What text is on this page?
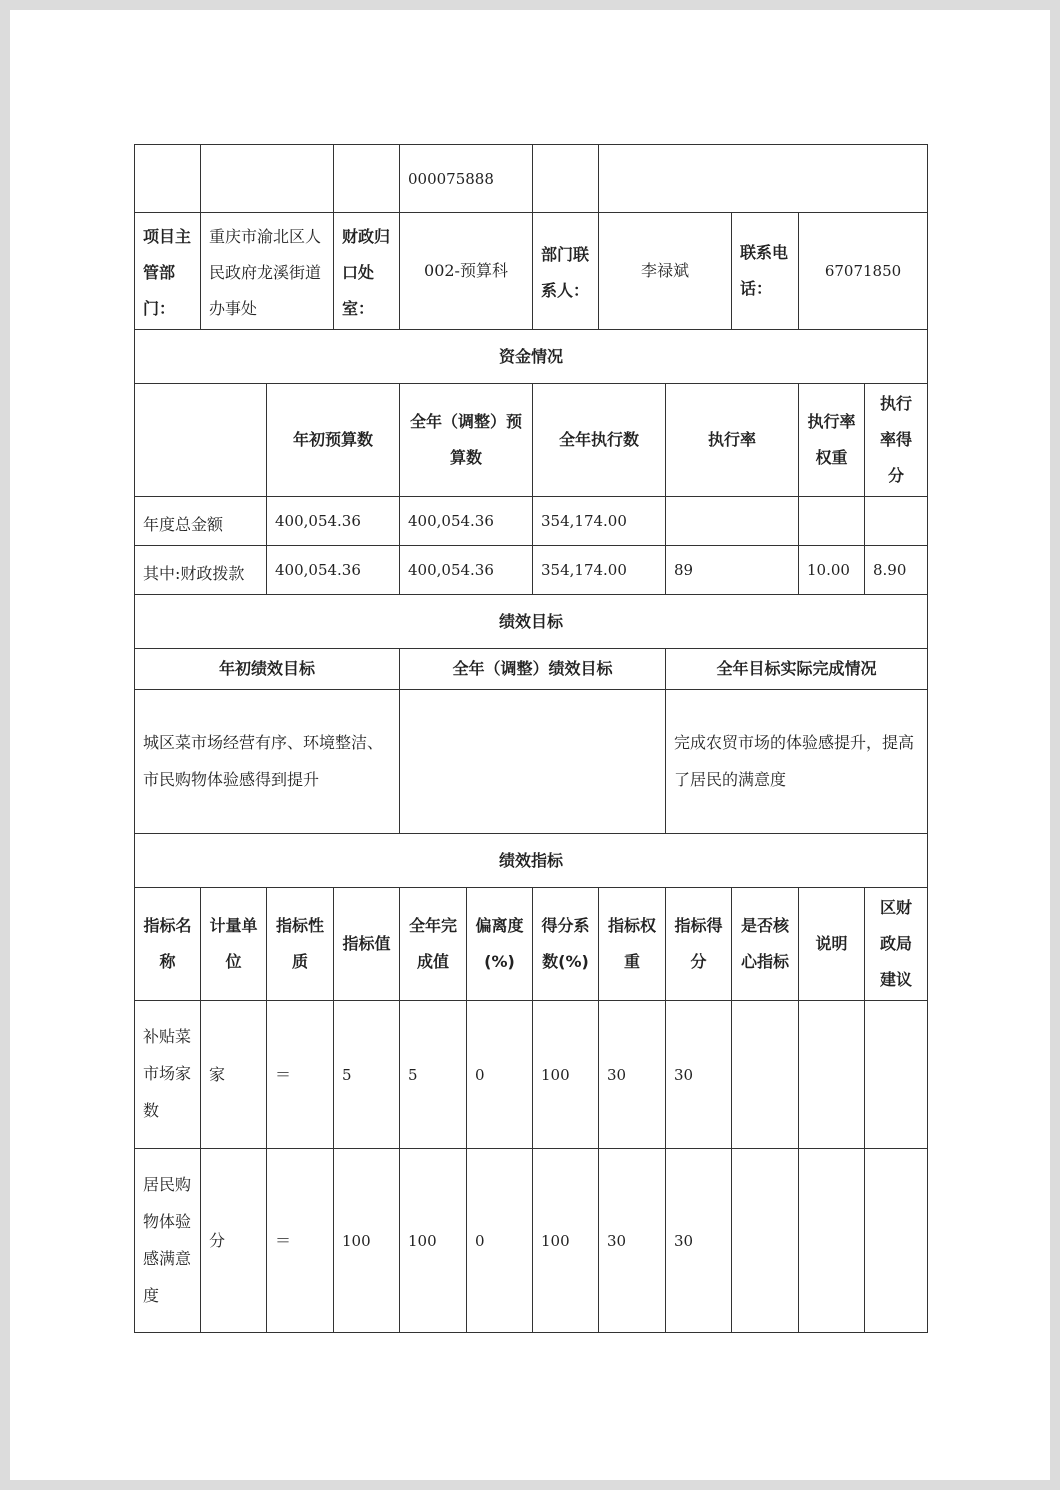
				000075888							
项目主管部门：	重庆市渝北区人民政府龙溪街道办事处		财政归口处室：	002-预算科		部门联系人：	李禄斌		联系电话：	67071850	
资金情况											
		年初预算数		全年（调整）预算数		全年执行数		执行率		执行率权重	执行率得分
年度总金额		400,054.36		400,054.36		354,174.00					
其中:财政拨款		400,054.36		400,054.36		354,174.00		89		10.00	8.90
绩效目标											
年初绩效目标				全年（调整）绩效目标				全年目标实际完成情况			
城区菜市场经营有序、环境整洁、市民购物体验感得到提升								完成农贸市场的体验感提升，提高了居民的满意度			
绩效指标											
指标名称	计量单位	指标性质	指标值	全年完成值	偏离度(%)	得分系数(%)	指标权重	指标得分	是否核心指标	说明	区财政局建议
补贴菜市场家数	家	＝	5	5	0	100	30	30			
居民购物体验感满意度	分	＝	100	100	0	100	30	30			
